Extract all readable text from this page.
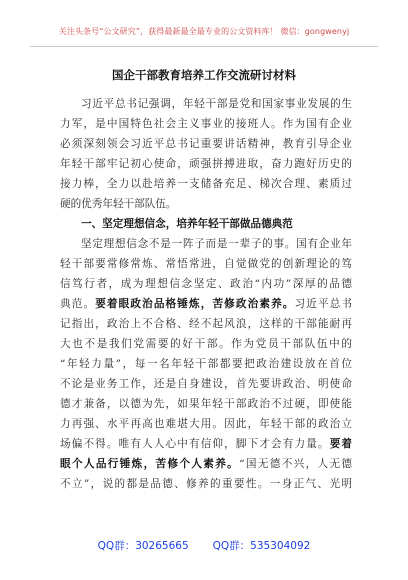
关注头条号“公文研究”，获得最新最全最专业的公文资料库！ 微信：gongwenyj
国企干部教育培养工作交流研讨材料
习近平总书记强调，年轻干部是党和国家事业发展的生
力军，是中国特色社会主义事业的接班人。作为国有企业
必须深刻领会习近平总书记重要讲话精神，教育引导企业
年轻干部牢记初心使命，顽强拼搏进取，奋力跑好历史的
接力棒，全力以赴培养一支储备充足、梯次合理、素质过
硬的优秀年轻干部队伍。
一、坚定理想信念，培养年轻干部做品德典范
坚定理想信念不是一阵子而是一辈子的事。国有企业年
轻干部要常修常炼、常悟常进，自觉做党的创新理论的笃
信笃行者，成为理想信念坚定、政治“内功”深厚的品德
典范。要着眼政治品格锤炼，苦修政治素养。习近平总书
记指出，政治上不合格、经不起风浪，这样的干部能耐再
大也不是我们党需要的好干部。作为党员干部队伍中的
“年轻力量”，每一名年轻干部都要把政治建设放在首位
不论是业务工作，还是自身建设，首先要讲政治、明使命
德才兼备，以德为先，如果年轻干部政治不过硬，即使能
力再强、水平再高也难堪大用。因此，年轻干部的政治立
场偏不得。唯有人人心中有信仰，脚下才会有力量。要着
眼个人品行锤炼，苦修个人素养。“国无德不兴，人无德
不立”，说的都是品德、修养的重要性。一身正气、光明
QQ群：30265665 QQ群：535304092
